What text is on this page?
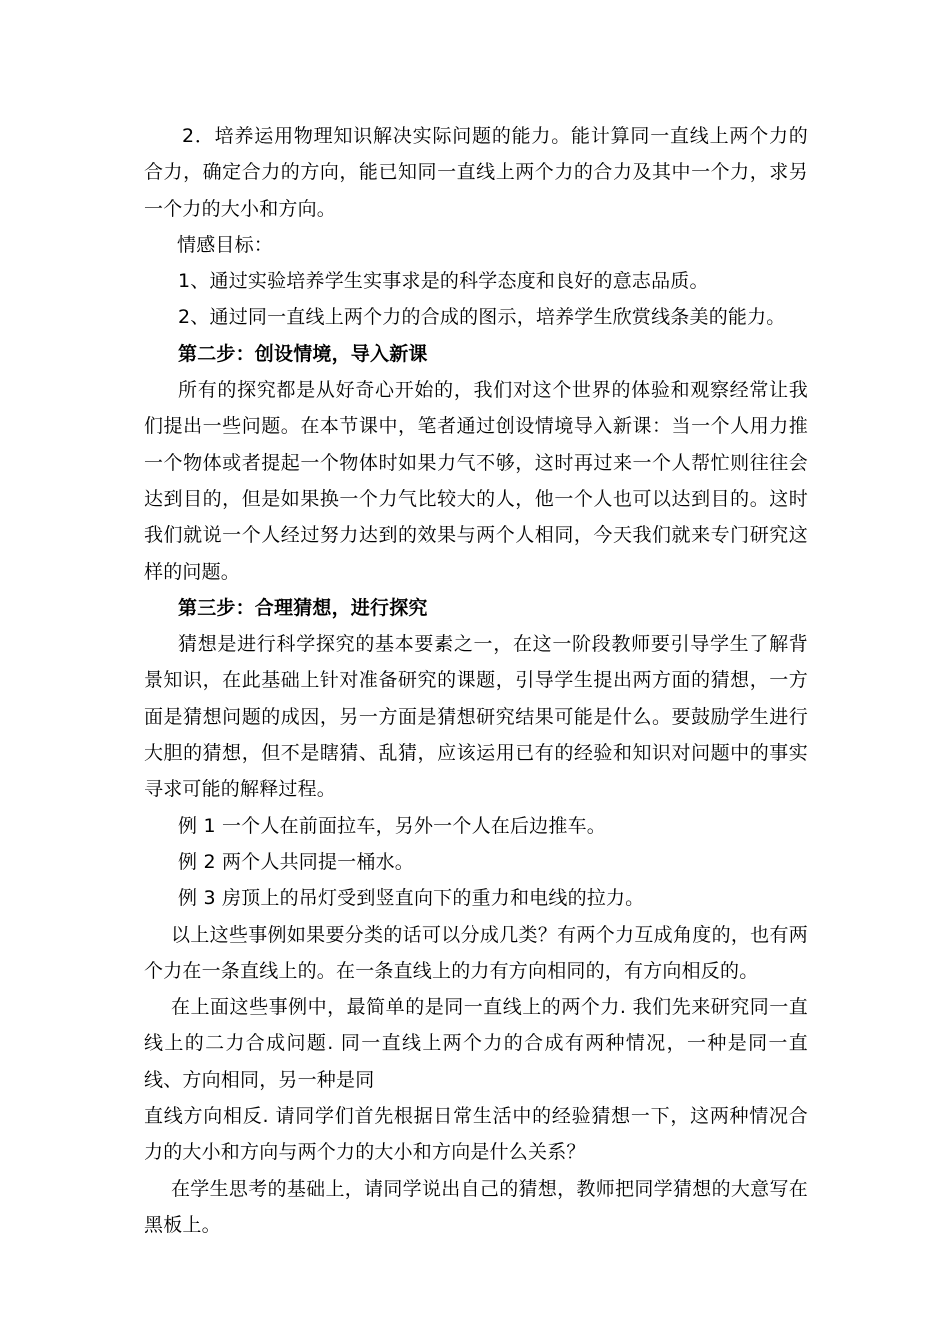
2．培养运用物理知识解决实际问题的能力。能计算同一直线上两个力的合力，确定合力的方向，能已知同一直线上两个力的合力及其中一个力，求另一个力的大小和方向。

情感目标：

1、通过实验培养学生实事求是的科学态度和良好的意志品质。

2、通过同一直线上两个力的合成的图示，培养学生欣赏线条美的能力。

第二步：创设情境，导入新课

所有的探究都是从好奇心开始的，我们对这个世界的体验和观察经常让我们提出一些问题。在本节课中，笔者通过创设情境导入新课：当一个人用力推一个物体或者提起一个物体时如果力气不够，这时再过来一个人帮忙则往往会达到目的，但是如果换一个力气比较大的人，他一个人也可以达到目的。这时我们就说一个人经过努力达到的效果与两个人相同，今天我们就来专门研究这样的问题。

第三步：合理猜想，进行探究

猜想是进行科学探究的基本要素之一，在这一阶段教师要引导学生了解背景知识，在此基础上针对准备研究的课题，引导学生提出两方面的猜想，一方面是猜想问题的成因，另一方面是猜想研究结果可能是什么。要鼓励学生进行大胆的猜想，但不是瞎猜、乱猜，应该运用已有的经验和知识对问题中的事实寻求可能的解释过程。

例 1 一个人在前面拉车，另外一个人在后边推车。

例 2 两个人共同提一桶水。

例 3 房顶上的吊灯受到竖直向下的重力和电线的拉力。

以上这些事例如果要分类的话可以分成几类？有两个力互成角度的，也有两个力在一条直线上的。在一条直线上的力有方向相同的，有方向相反的。

在上面这些事例中，最简单的是同一直线上的两个力. 我们先来研究同一直线上的二力合成问题. 同一直线上两个力的合成有两种情况，一种是同一直线、方向相同，另一种是同

直线方向相反. 请同学们首先根据日常生活中的经验猜想一下，这两种情况合力的大小和方向与两个力的大小和方向是什么关系？

在学生思考的基础上，请同学说出自己的猜想，教师把同学猜想的大意写在黑板上。
